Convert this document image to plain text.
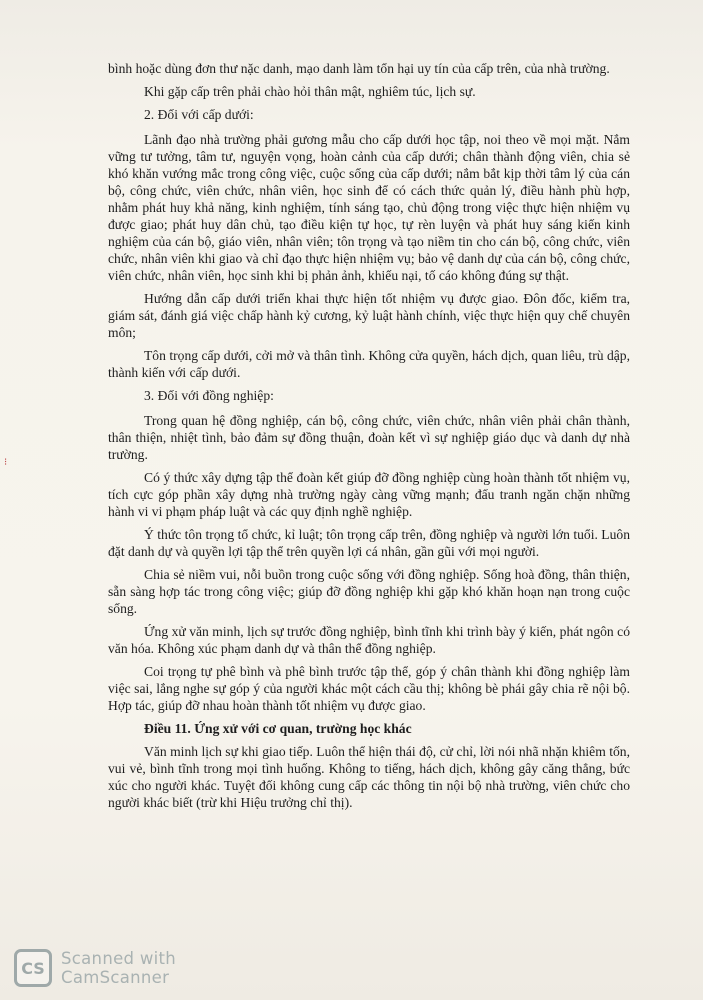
⁝

bình hoặc dùng đơn thư nặc danh, mạo danh làm tổn hại uy tín của cấp trên, của nhà trường.

Khi gặp cấp trên phải chào hỏi thân mật, nghiêm túc, lịch sự.

2. Đối với cấp dưới:

Lãnh đạo nhà trường phải gương mẫu cho cấp dưới học tập, noi theo về mọi mặt. Nắm vững tư tưởng, tâm tư, nguyện vọng, hoàn cảnh của cấp dưới; chân thành động viên, chia sẻ khó khăn vướng mắc trong công việc, cuộc sống của cấp dưới; nắm bắt kịp thời tâm lý của cán bộ, công chức, viên chức, nhân viên, học sinh để có cách thức quản lý, điều hành phù hợp, nhằm phát huy khả năng, kinh nghiệm, tính sáng tạo, chủ động trong việc thực hiện nhiệm vụ được giao; phát huy dân chủ, tạo điều kiện tự học, tự rèn luyện và phát huy sáng kiến kinh nghiệm của cán bộ, giáo viên, nhân viên; tôn trọng và tạo niềm tin cho cán bộ, công chức, viên chức, nhân viên khi giao và chỉ đạo thực hiện nhiệm vụ; bảo vệ danh dự của cán bộ, công chức, viên chức, nhân viên, học sinh khi bị phản ảnh, khiếu nại, tố cáo không đúng sự thật.

Hướng dẫn cấp dưới triển khai thực hiện tốt nhiệm vụ được giao. Đôn đốc, kiểm tra, giám sát, đánh giá việc chấp hành kỷ cương, kỷ luật hành chính, việc thực hiện quy chế chuyên môn;

Tôn trọng cấp dưới, cởi mở và thân tình. Không cửa quyền, hách dịch, quan liêu, trù dập, thành kiến với cấp dưới.

3. Đối với đồng nghiệp:

Trong quan hệ đồng nghiệp, cán bộ, công chức, viên chức, nhân viên phải chân thành, thân thiện, nhiệt tình, bảo đảm sự đồng thuận, đoàn kết vì sự nghiệp giáo dục và danh dự nhà trường.

Có ý thức xây dựng tập thể đoàn kết giúp đỡ đồng nghiệp cùng hoàn thành tốt nhiệm vụ, tích cực góp phần xây dựng nhà trường ngày càng vững mạnh; đấu tranh ngăn chặn những hành vi vi phạm pháp luật và các quy định nghề nghiệp.

Ý thức tôn trọng tổ chức, kỉ luật; tôn trọng cấp trên, đồng nghiệp và người lớn tuổi. Luôn đặt danh dự và quyền lợi tập thể trên quyền lợi cá nhân, gần gũi với mọi người.

Chia sẻ niềm vui, nỗi buồn trong cuộc sống với đồng nghiệp. Sống hoà đồng, thân thiện, sẵn sàng hợp tác trong công việc; giúp đỡ đồng nghiệp khi gặp khó khăn hoạn nạn trong cuộc sống.

Ứng xử văn minh, lịch sự trước đồng nghiệp, bình tĩnh khi trình bày ý kiến, phát ngôn có văn hóa. Không xúc phạm danh dự và thân thể đồng nghiệp.

Coi trọng tự phê bình và phê bình trước tập thể, góp ý chân thành khi đồng nghiệp làm việc sai, lắng nghe sự góp ý của người khác một cách cầu thị; không bè phái gây chia rẽ nội bộ. Hợp tác, giúp đỡ nhau hoàn thành tốt nhiệm vụ được giao.

Điều 11. Ứng xử với cơ quan, trường học khác

Văn minh lịch sự khi giao tiếp. Luôn thể hiện thái độ, cử chỉ, lời nói nhã nhặn khiêm tốn, vui vẻ, bình tĩnh trong mọi tình huống. Không to tiếng, hách dịch, không gây căng thẳng, bức xúc cho người khác. Tuyệt đối không cung cấp các thông tin nội bộ nhà trường, viên chức cho người khác biết (trừ khi Hiệu trưởng chỉ thị).

CS Scanned with
CamScanner
